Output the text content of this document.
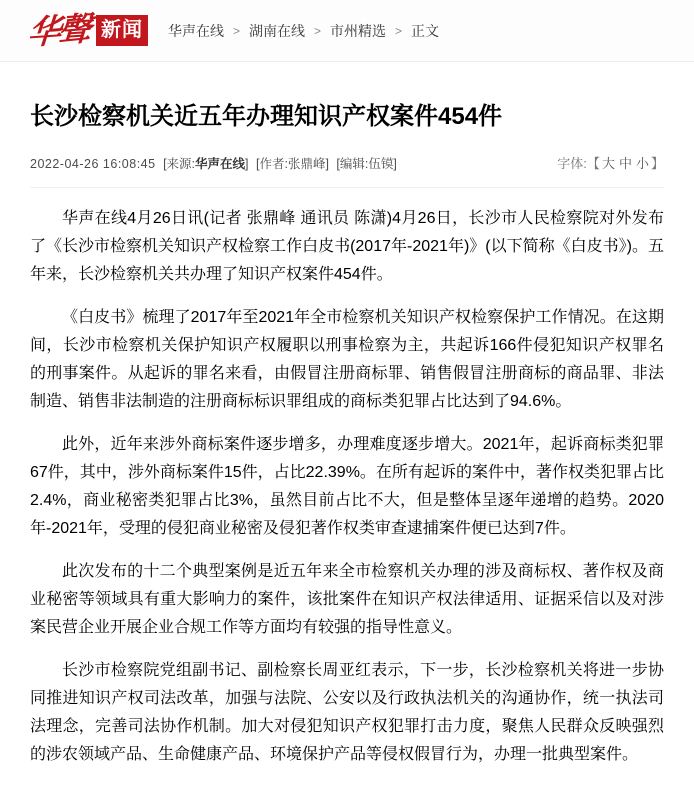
华聲 新闻	华声在线 > 湖南在线 > 市州精选 > 正文
长沙检察机关近五年办理知识产权案件454件
2022-04-26 16:08:45 [来源:华声在线] [作者:张鼎峰] [编辑:伍镆]	字体:【 大 中 小 】

华声在线4月26日讯(记者 张鼎峰 通讯员 陈潇)4月26日，长沙市人民检察院对外发布了《长沙市检察机关知识产权检察工作白皮书(2017年-2021年)》(以下简称《白皮书》)。五年来，长沙检察机关共办理了知识产权案件454件。

《白皮书》梳理了2017年至2021年全市检察机关知识产权检察保护工作情况。在这期间，长沙市检察机关保护知识产权履职以刑事检察为主，共起诉166件侵犯知识产权罪名的刑事案件。从起诉的罪名来看，由假冒注册商标罪、销售假冒注册商标的商品罪、非法制造、销售非法制造的注册商标标识罪组成的商标类犯罪占比达到了94.6%。

此外，近年来涉外商标案件逐步增多，办理难度逐步增大。2021年，起诉商标类犯罪67件，其中，涉外商标案件15件，占比22.39%。在所有起诉的案件中，著作权类犯罪占比2.4%，商业秘密类犯罪占比3%，虽然目前占比不大，但是整体呈逐年递增的趋势。2020年-2021年，受理的侵犯商业秘密及侵犯著作权类审查逮捕案件便已达到7件。

此次发布的十二个典型案例是近五年来全市检察机关办理的涉及商标权、著作权及商业秘密等领域具有重大影响力的案件，该批案件在知识产权法律适用、证据采信以及对涉案民营企业开展企业合规工作等方面均有较强的指导性意义。

长沙市检察院党组副书记、副检察长周亚红表示，下一步，长沙检察机关将进一步协同推进知识产权司法改革，加强与法院、公安以及行政执法机关的沟通协作，统一执法司法理念，完善司法协作机制。加大对侵犯知识产权犯罪打击力度，聚焦人民群众反映强烈的涉农领域产品、生命健康产品、环境保护产品等侵权假冒行为，办理一批典型案件。
